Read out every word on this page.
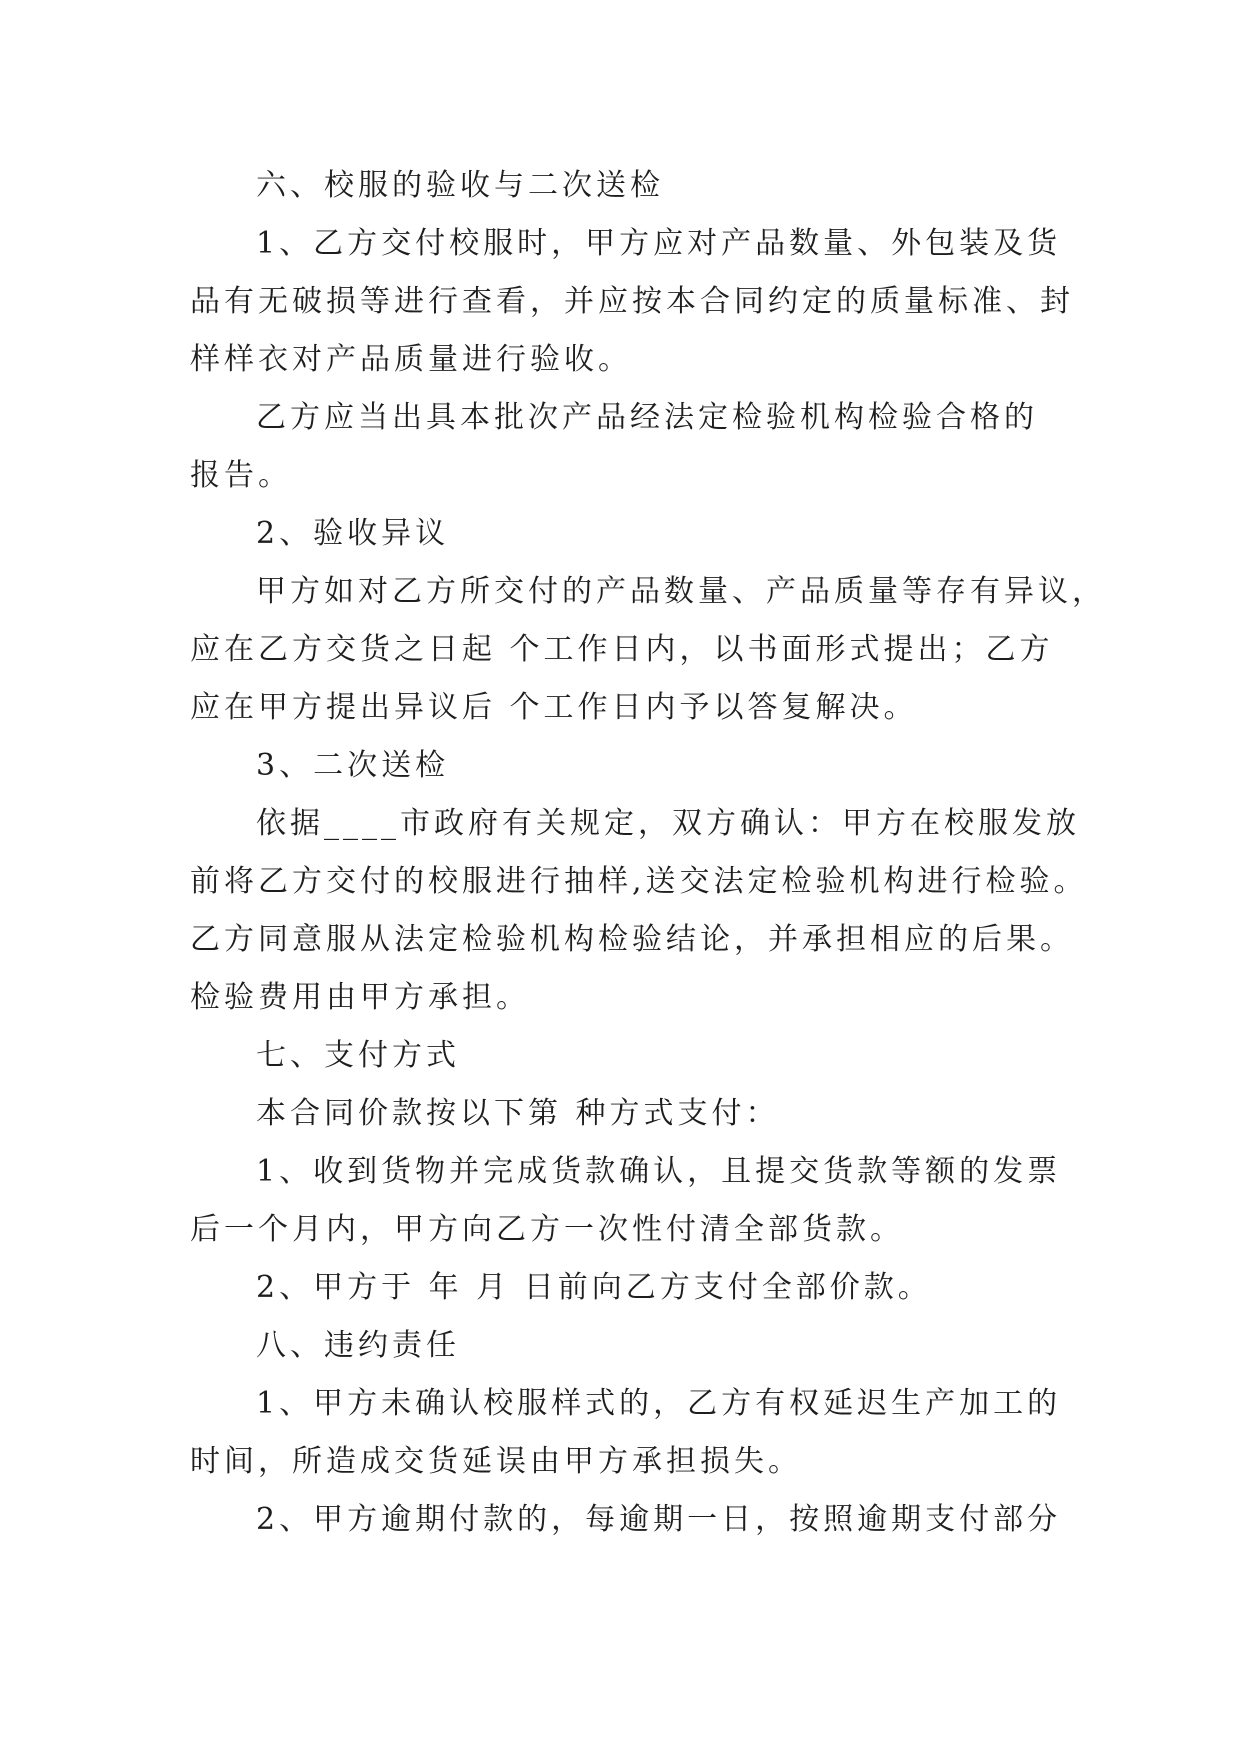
六、校服的验收与二次送检
1、乙方交付校服时，甲方应对产品数量、外包装及货
品有无破损等进行查看，并应按本合同约定的质量标准、封
样样衣对产品质量进行验收。
乙方应当出具本批次产品经法定检验机构检验合格的
报告。
2、验收异议
甲方如对乙方所交付的产品数量、产品质量等存有异议，
应在乙方交货之日起 个工作日内，以书面形式提出；乙方
应在甲方提出异议后 个工作日内予以答复解决。
3、二次送检
依据____市政府有关规定，双方确认：甲方在校服发放
前将乙方交付的校服进行抽样,送交法定检验机构进行检验。
乙方同意服从法定检验机构检验结论，并承担相应的后果。
检验费用由甲方承担。
七、支付方式
本合同价款按以下第 种方式支付：
1、收到货物并完成货款确认，且提交货款等额的发票
后一个月内，甲方向乙方一次性付清全部货款。
2、甲方于 年 月 日前向乙方支付全部价款。
八、违约责任
1、甲方未确认校服样式的，乙方有权延迟生产加工的
时间，所造成交货延误由甲方承担损失。
2、甲方逾期付款的，每逾期一日，按照逾期支付部分
